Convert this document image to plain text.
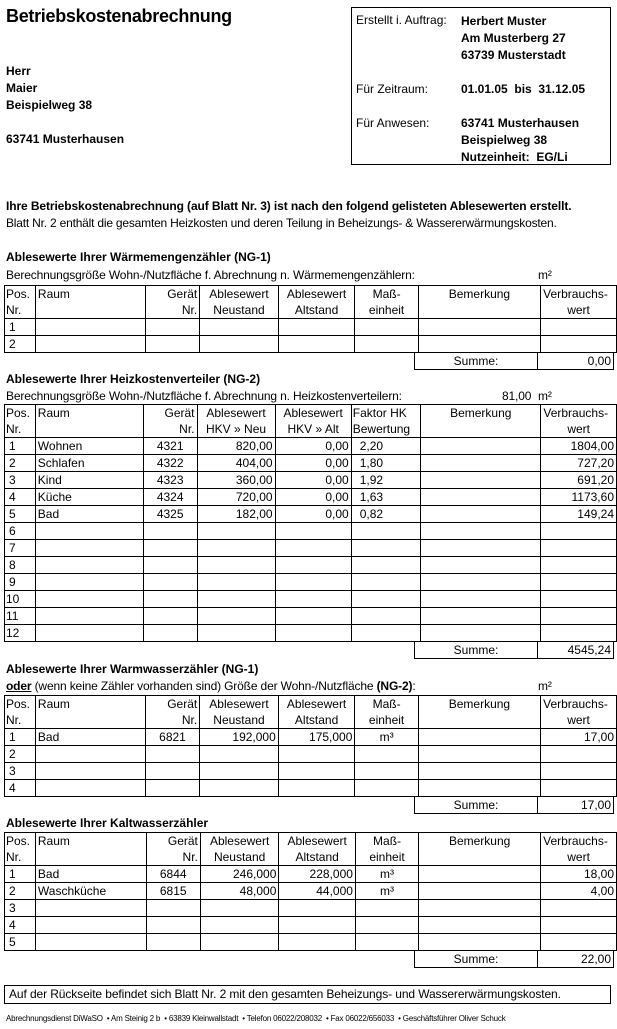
Betriebskostenabrechnung
Herr
Maier
Beispielweg 38
63741 Musterhausen
Erstellt i. Auftrag: Herbert Muster
Am Musterberg 27
63739 Musterstadt
Für Zeitraum:	01.01.05  bis  31.12.05
Für Anwesen:	63741 Musterhausen
Beispielweg 38
Nutzeinheit:  EG/Li
Ihre Betriebskostenabrechnung (auf Blatt Nr. 3) ist nach den folgend gelisteten Ablesewerten erstellt.
Blatt Nr. 2 enthält die gesamten Heizkosten und deren Teilung in Beheizungs- & Wassererwärmungskosten.
Ablesewerte Ihrer Wärmemengenzähler (NG-1)
Berechnungsgröße Wohn-/Nutzfläche f. Abrechnung n. Wärmemengenzählern:	m²
Pos.	Raum	Gerät	Ablesewert	Ablesewert	Maß-	Bemerkung	Verbrauchs-
Nr.		Nr.	Neustand	Altstand	einheit		wert
1							
2							
Summe:	0,00
Ablesewerte Ihrer Heizkostenverteiler (NG-2)
Berechnungsgröße Wohn-/Nutzfläche f. Abrechnung n. Heizkostenverteilern:	81,00 m²
Pos.	Raum	Gerät	Ablesewert	Ablesewert	Faktor HK	Bemerkung	Verbrauchs-
Nr.		Nr.	HKV » Neu	HKV » Alt	Bewertung		wert
1	Wohnen	4321	820,00	0,00	2,20		1804,00
2	Schlafen	4322	404,00	0,00	1,80		727,20
3	Kind	4323	360,00	0,00	1,92		691,20
4	Küche	4324	720,00	0,00	1,63		1173,60
5	Bad	4325	182,00	0,00	0,82		149,24
6							
7							
8							
9							
10							
11							
12							
Summe:	4545,24
Ablesewerte Ihrer Warmwasserzähler (NG-1)
oder (wenn keine Zähler vorhanden sind) Größe der Wohn-/Nutzfläche (NG-2):	m²
Pos.	Raum	Gerät	Ablesewert	Ablesewert	Maß-	Bemerkung	Verbrauchs-
Nr.		Nr.	Neustand	Altstand	einheit		wert
1	Bad	6821	192,000	175,000	m³		17,00
2							
3							
4							
Summe:	17,00
Ablesewerte Ihrer Kaltwasserzähler
Pos.	Raum	Gerät	Ablesewert	Ablesewert	Maß-	Bemerkung	Verbrauchs-
Nr.		Nr.	Neustand	Altstand	einheit		wert
1	Bad	6844	246,000	228,000	m³		18,00
2	Waschküche	6815	48,000	44,000	m³		4,00
3							
4							
5							
Summe:	22,00
Auf der Rückseite befindet sich Blatt Nr. 2 mit den gesamten Beheizungs- und Wassererwärmungskosten.
Abrechnungsdienst DiWaSO  • Am Steinig 2 b  • 63839 Kleinwallstadt  • Telefon 06022/208032  • Fax 06022/656033  • Geschäftsführer Oliver Schuck
